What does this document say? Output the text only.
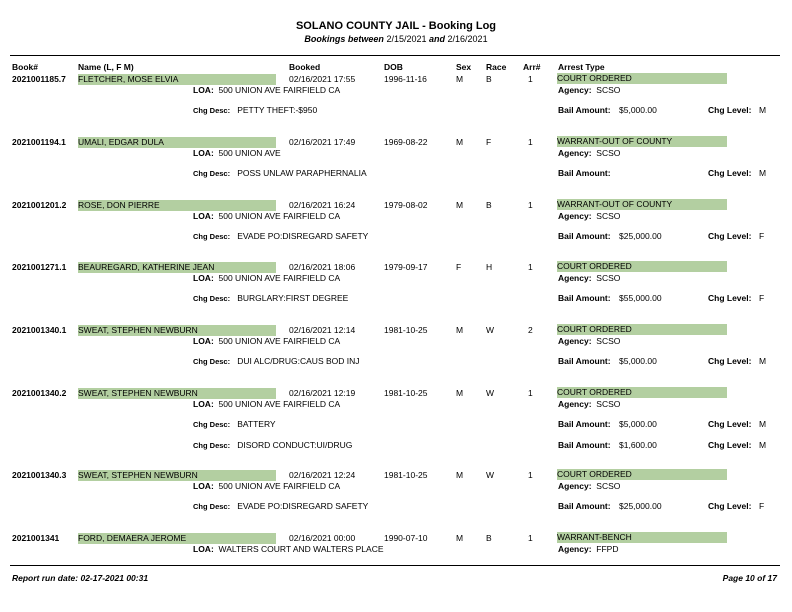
SOLANO COUNTY JAIL - Booking Log
Bookings between 2/15/2021 and 2/16/2021
Book#	Name (L, F M)	Booked	DOB	Sex Race Arr# Arrest Type
2021001185.7 FLETCHER, MOSE ELVIA	02/16/2021 17:55	1996-11-16	M	B	1	COURT ORDERED
LOA: 500 UNION AVE FAIRFIELD CA	Agency: SCSO
Chg Desc: PETTY THEFT:-$950	Bail Amount: $5,000.00	Chg Level: M
2021001194.1 UMALI, EDGAR DULA	02/16/2021 17:49	1969-08-22	M	F	1	WARRANT-OUT OF COUNTY
LOA: 500 UNION AVE	Agency: SCSO
Chg Desc: POSS UNLAW PARAPHERNALIA	Bail Amount:	Chg Level: M
2021001201.2 ROSE, DON PIERRE	02/16/2021 16:24	1979-08-02	M	B	1	WARRANT-OUT OF COUNTY
LOA: 500 UNION AVE FAIRFIELD CA	Agency: SCSO
Chg Desc: EVADE PO:DISREGARD SAFETY	Bail Amount: $25,000.00	Chg Level: F
2021001271.1 BEAUREGARD, KATHERINE JEAN	02/16/2021 18:06	1979-09-17	F	H	1	COURT ORDERED
LOA: 500 UNION AVE FAIRFIELD CA	Agency: SCSO
Chg Desc: BURGLARY:FIRST DEGREE	Bail Amount: $55,000.00	Chg Level: F
2021001340.1 SWEAT, STEPHEN NEWBURN	02/16/2021 12:14	1981-10-25	M	W	2	COURT ORDERED
LOA: 500 UNION AVE FAIRFIELD CA	Agency: SCSO
Chg Desc: DUI ALC/DRUG:CAUS BOD INJ	Bail Amount: $5,000.00	Chg Level: M
2021001340.2 SWEAT, STEPHEN NEWBURN	02/16/2021 12:19	1981-10-25	M	W	1	COURT ORDERED
LOA: 500 UNION AVE FAIRFIELD CA	Agency: SCSO
Chg Desc: BATTERY	Bail Amount: $5,000.00	Chg Level: M
Chg Desc: DISORD CONDUCT:UI/DRUG	Bail Amount: $1,600.00	Chg Level: M
2021001340.3 SWEAT, STEPHEN NEWBURN	02/16/2021 12:24	1981-10-25	M	W	1	COURT ORDERED
LOA: 500 UNION AVE FAIRFIELD CA	Agency: SCSO
Chg Desc: EVADE PO:DISREGARD SAFETY	Bail Amount: $25,000.00	Chg Level: F
2021001341 FORD, DEMAERA JEROME	02/16/2021 00:00	1990-07-10	M	B	1	WARRANT-BENCH
LOA: WALTERS COURT AND WALTERS PLACE	Agency: FFPD
Report run date: 02-17-2021 00:31	Page 10 of 17
